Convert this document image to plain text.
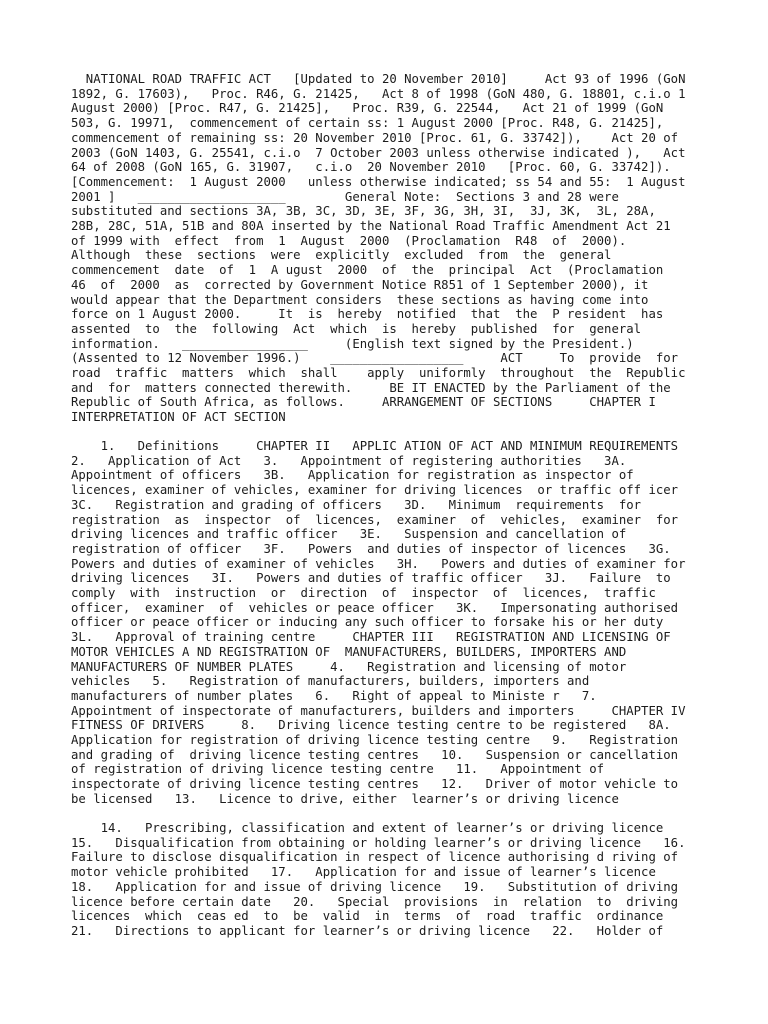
NATIONAL ROAD TRAFFIC ACT   [Updated to 20 November 2010]     Act 93 of 1996 (GoN
1892, G. 17603),   Proc. R46, G. 21425,   Act 8 of 1998 (GoN 480, G. 18801, c.i.o 1
August 2000) [Proc. R47, G. 21425],   Proc. R39, G. 22544,   Act 21 of 1999 (GoN
503, G. 19971,  commencement of certain ss: 1 August 2000 [Proc. R48, G. 21425],
commencement of remaining ss: 20 November 2010 [Proc. 61, G. 33742]),    Act 20 of
2003 (GoN 1403, G. 25541, c.i.o  7 October 2003 unless otherwise indicated ),   Act
64 of 2008 (GoN 165, G. 31907,   c.i.o  20 November 2010   [Proc. 60, G. 33742]).
[Commencement:  1 August 2000   unless otherwise indicated; ss 54 and 55:  1 August
2001 ]   ____________________        General Note:  Sections 3 and 28 were
substituted and sections 3A, 3B, 3C, 3D, 3E, 3F, 3G, 3H, 3I,  3J, 3K,  3L, 28A,
28B, 28C, 51A, 51B and 80A inserted by the National Road Traffic Amendment Act 21
of 1999 with  effect  from  1  August  2000  (Proclamation  R48  of  2000).
Although  these  sections  were  explicitly  excluded  from  the  general
commencement  date  of  1  A ugust  2000  of  the  principal  Act  (Proclamation
46  of  2000  as  corrected by Government Notice R851 of 1 September 2000), it
would appear that the Department considers  these sections as having come into
force on 1 August 2000.     It  is  hereby  notified  that  the  P resident  has
assented  to  the  following  Act  which  is  hereby  published  for  general
information.   _________________     (English text signed by the President.)
(Assented to 12 November 1996.)    __________________     ACT     To  provide  for
road  traffic  matters  which  shall    apply  uniformly  throughout  the  Republic
and  for  matters connected therewith.     BE IT ENACTED by the Parliament of the
Republic of South Africa, as follows.     ARRANGEMENT OF SECTIONS     CHAPTER I
INTERPRETATION OF ACT SECTION

1.   Definitions     CHAPTER II   APPLIC ATION OF ACT AND MINIMUM REQUIREMENTS
2.   Application of Act   3.   Appointment of registering authorities   3A.
Appointment of officers   3B.   Application for registration as inspector of
licences, examiner of vehicles, examiner for driving licences  or traffic off icer
3C.   Registration and grading of officers   3D.   Minimum  requirements  for
registration  as  inspector  of  licences,  examiner  of  vehicles,  examiner  for
driving licences and traffic officer   3E.   Suspension and cancellation of
registration of officer   3F.   Powers  and duties of inspector of licences   3G.
Powers and duties of examiner of vehicles   3H.   Powers and duties of examiner for
driving licences   3I.   Powers and duties of traffic officer   3J.   Failure  to
comply  with  instruction  or  direction  of  inspector  of  licences,  traffic
officer,  examiner  of  vehicles or peace officer   3K.   Impersonating authorised
officer or peace officer or inducing any such officer to forsake his or her duty
3L.   Approval of training centre     CHAPTER III   REGISTRATION AND LICENSING OF
MOTOR VEHICLES A ND REGISTRATION OF  MANUFACTURERS, BUILDERS, IMPORTERS AND
MANUFACTURERS OF NUMBER PLATES     4.   Registration and licensing of motor
vehicles   5.   Registration of manufacturers, builders, importers and
manufacturers of number plates   6.   Right of appeal to Ministe r   7.
Appointment of inspectorate of manufacturers, builders and importers     CHAPTER IV
FITNESS OF DRIVERS     8.   Driving licence testing centre to be registered   8A.
Application for registration of driving licence testing centre   9.   Registration
and grading of  driving licence testing centres   10.   Suspension or cancellation
of registration of driving licence testing centre   11.   Appointment of
inspectorate of driving licence testing centres   12.   Driver of motor vehicle to
be licensed   13.   Licence to drive, either  learner’s or driving licence

14.   Prescribing, classification and extent of learner’s or driving licence
15.   Disqualification from obtaining or holding learner’s or driving licence   16.
Failure to disclose disqualification in respect of licence authorising d riving of
motor vehicle prohibited   17.   Application for and issue of learner’s licence
18.   Application for and issue of driving licence   19.   Substitution of driving
licence before certain date   20.   Special  provisions  in  relation  to  driving
licences  which  ceas ed  to  be  valid  in  terms  of  road  traffic  ordinance
21.   Directions to applicant for learner’s or driving licence   22.   Holder of
